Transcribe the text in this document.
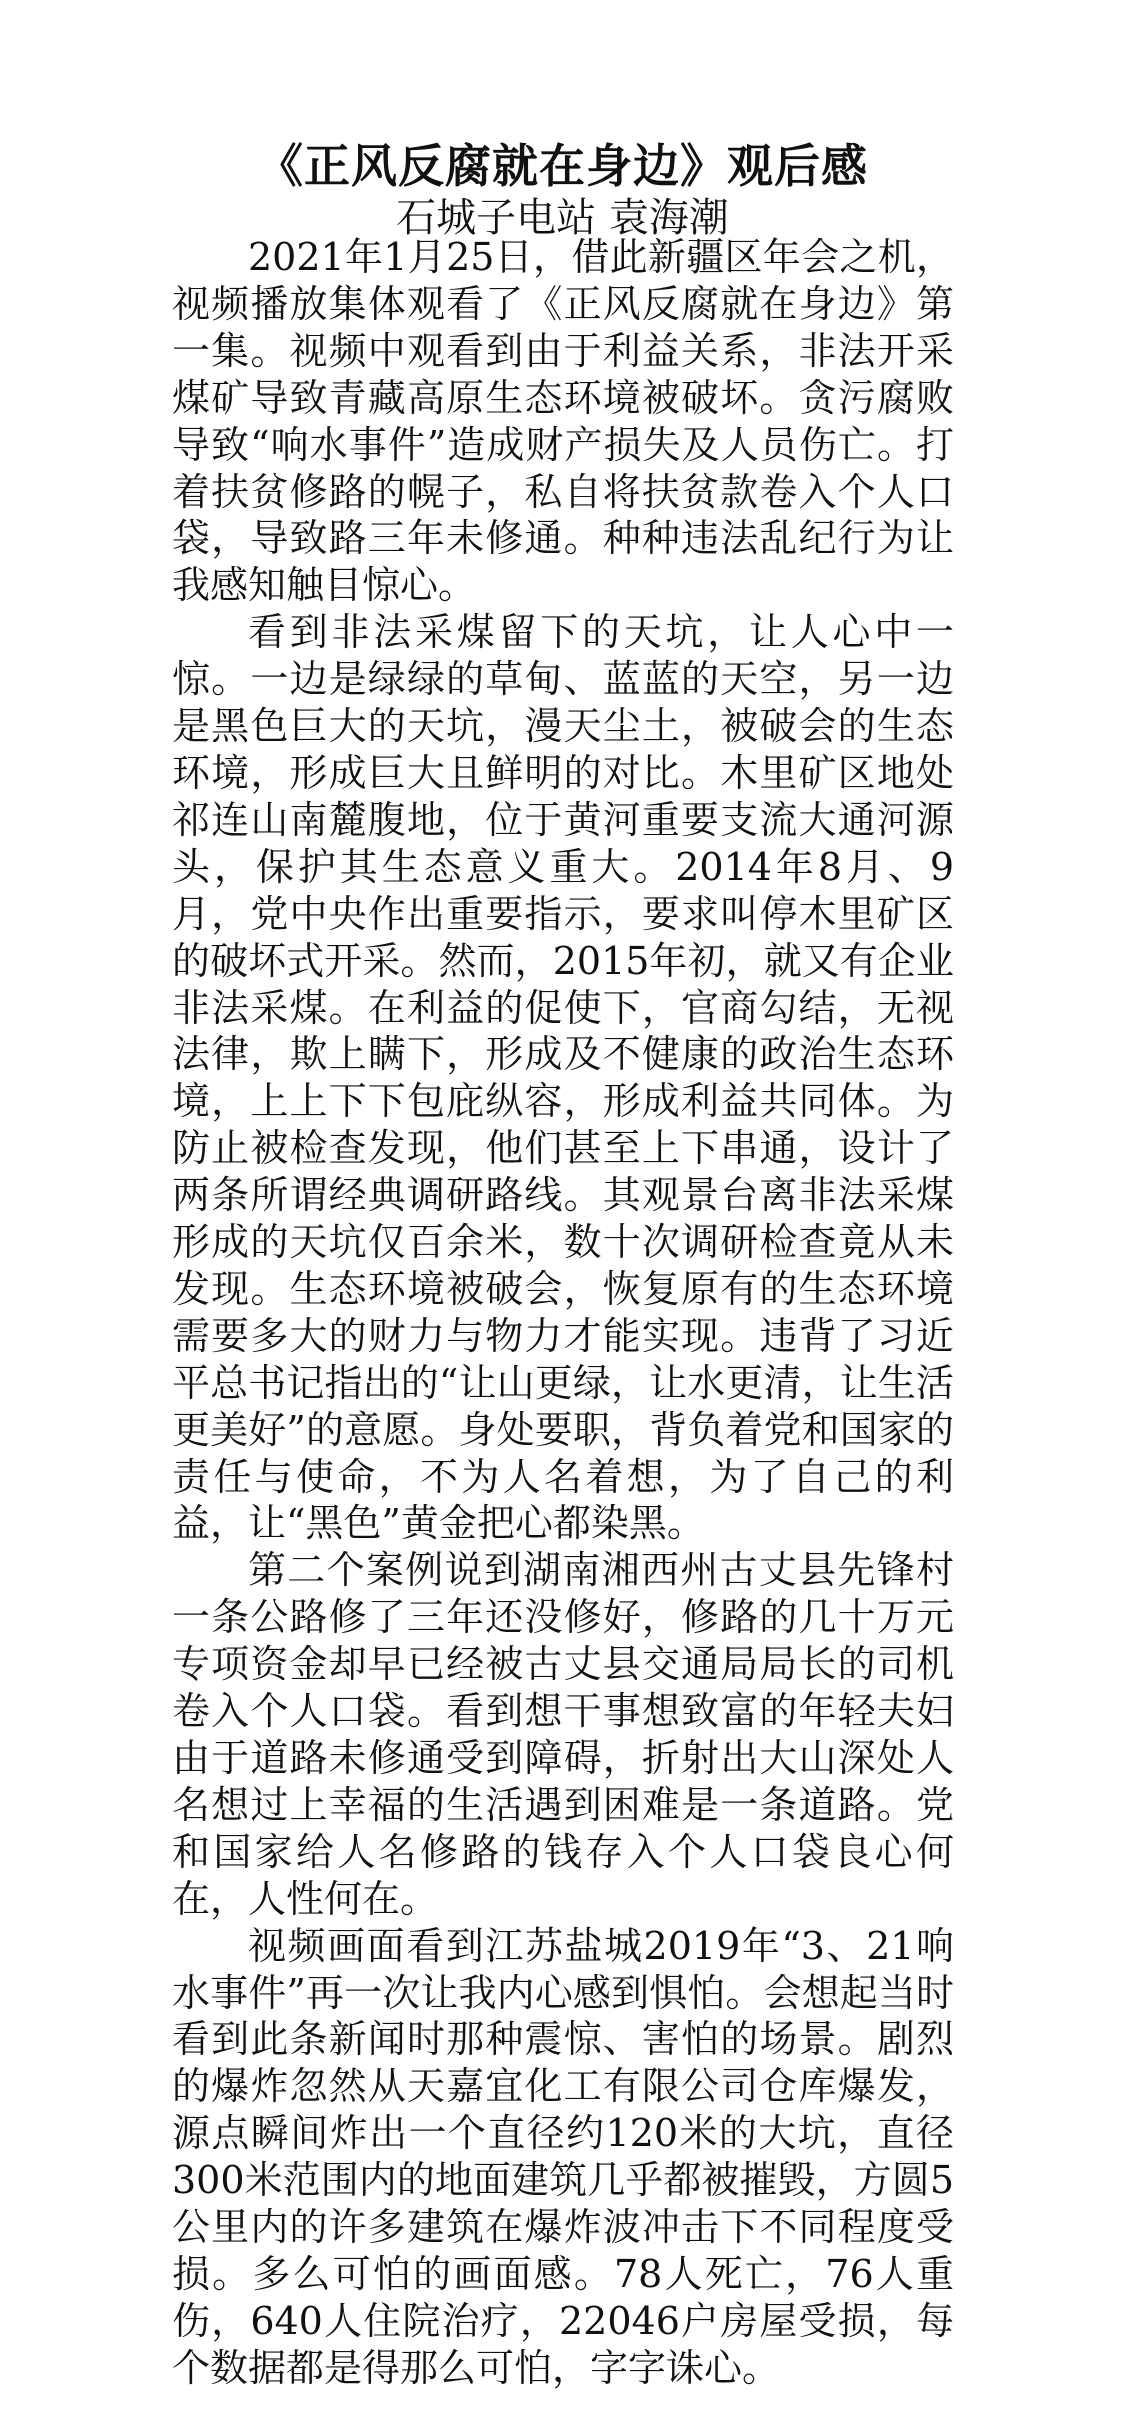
《正风反腐就在身边》观后感
石城子电站 袁海潮

2021年1月25日，借此新疆区年会之机，视频播放集体观看了《正风反腐就在身边》第一集。视频中观看到由于利益关系，非法开采煤矿导致青藏高原生态环境被破坏。贪污腐败导致“响水事件”造成财产损失及人员伤亡。打着扶贫修路的幌子，私自将扶贫款卷入个人口袋，导致路三年未修通。种种违法乱纪行为让我感知触目惊心。

看到非法采煤留下的天坑，让人心中一惊。一边是绿绿的草甸、蓝蓝的天空，另一边是黑色巨大的天坑，漫天尘土，被破会的生态环境，形成巨大且鲜明的对比。木里矿区地处祁连山南麓腹地，位于黄河重要支流大通河源头，保护其生态意义重大。2014年8月、9月，党中央作出重要指示，要求叫停木里矿区的破坏式开采。然而，2015年初，就又有企业非法采煤。在利益的促使下，官商勾结，无视法律，欺上瞒下，形成及不健康的政治生态环境，上上下下包庇纵容，形成利益共同体。为防止被检查发现，他们甚至上下串通，设计了两条所谓经典调研路线。其观景台离非法采煤形成的天坑仅百余米，数十次调研检查竟从未发现。生态环境被破会，恢复原有的生态环境需要多大的财力与物力才能实现。违背了习近平总书记指出的“让山更绿，让水更清，让生活更美好”的意愿。身处要职，背负着党和国家的责任与使命，不为人名着想，为了自己的利益，让“黑色”黄金把心都染黑。

第二个案例说到湖南湘西州古丈县先锋村一条公路修了三年还没修好，修路的几十万元专项资金却早已经被古丈县交通局局长的司机卷入个人口袋。看到想干事想致富的年轻夫妇由于道路未修通受到障碍，折射出大山深处人名想过上幸福的生活遇到困难是一条道路。党和国家给人名修路的钱存入个人口袋良心何在，人性何在。

视频画面看到江苏盐城2019年“3、21响水事件”再一次让我内心感到惧怕。会想起当时看到此条新闻时那种震惊、害怕的场景。剧烈的爆炸忽然从天嘉宜化工有限公司仓库爆发，源点瞬间炸出一个直径约120米的大坑，直径300米范围内的地面建筑几乎都被摧毁，方圆5公里内的许多建筑在爆炸波冲击下不同程度受损。多么可怕的画面感。78人死亡，76人重伤，640人住院治疗，22046户房屋受损，每个数据都是得那么可怕，字字诛心。
